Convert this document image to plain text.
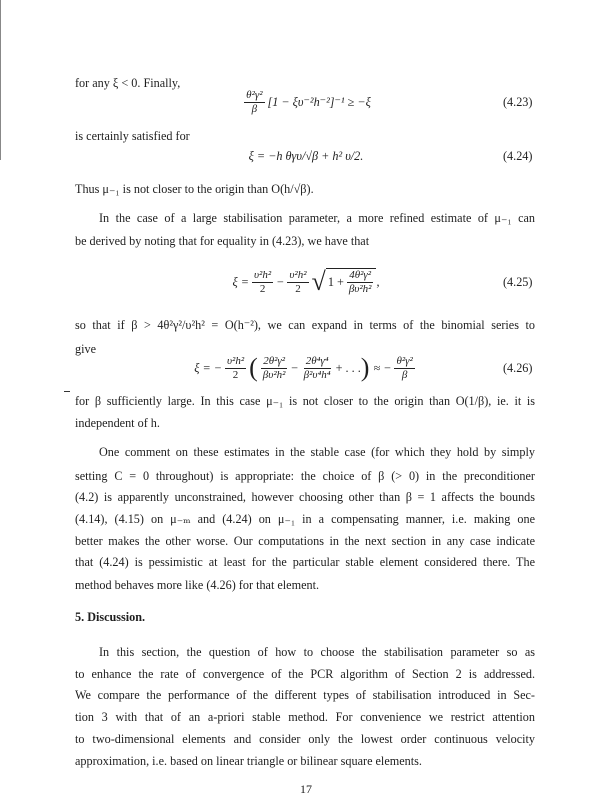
for any ξ < 0. Finally,
$\frac{\text{θ²γ²}}{\beta} [1 - \xi\upsilon^{-2}h^{-2}]^{-1} \ge -\xi$	(4.23)
is certainly satisfied for
ξ = −h θγυ/√β + h² υ/2.	(4.24)
Thus μ₋₁ is not closer to the origin than O(h/√β).
In the case of a large stabilisation parameter, a more refined estimate of μ₋₁ can
be derived by noting that for equality in (4.23), we have that
$\xi = \frac{\text{υ²h²}}{2} - \frac{\text{υ²h²}}{2}$ √ $1 + \frac{\text{4θ²γ²}}{\text{βυ²h²}}$ ,	(4.25)
so that if β > 4θ²γ²/υ²h² = O(h⁻²), we can expand in terms of the binomial series to
give
ξ = − $\frac{\text{υ²h²}}{2}$ ( $\frac{\text{2θ²γ²}}{\text{βυ²h²}} - \frac{\text{2θ⁴γ⁴}}{\text{β²υ⁴h⁴}}$ + . . . ) ≈ − $\frac{\text{θ²γ²}}{\beta}$	(4.26)
for β sufficiently large. In this case μ₋₁ is not closer to the origin than O(1/β), ie. it is
independent of h.
One comment on these estimates in the stable case (for which they hold by simply
setting C = 0 throughout) is appropriate: the choice of β (> 0) in the preconditioner
(4.2) is apparently unconstrained, however choosing other than β = 1 affects the bounds
(4.14), (4.15) on μ₋ₘ and (4.24) on μ₋₁ in a compensating manner, i.e. making one
better makes the other worse. Our computations in the next section in any case indicate
that (4.24) is pessimistic at least for the particular stable element considered there. The
method behaves more like (4.26) for that element.
5. Discussion.
In this section, the question of how to choose the stabilisation parameter so as
to enhance the rate of convergence of the PCR algorithm of Section 2 is addressed.
We compare the performance of the different types of stabilisation introduced in Sec-
tion 3 with that of an a-priori stable method. For convenience we restrict attention
to two-dimensional elements and consider only the lowest order continuous velocity
approximation, i.e. based on linear triangle or bilinear square elements.
17
